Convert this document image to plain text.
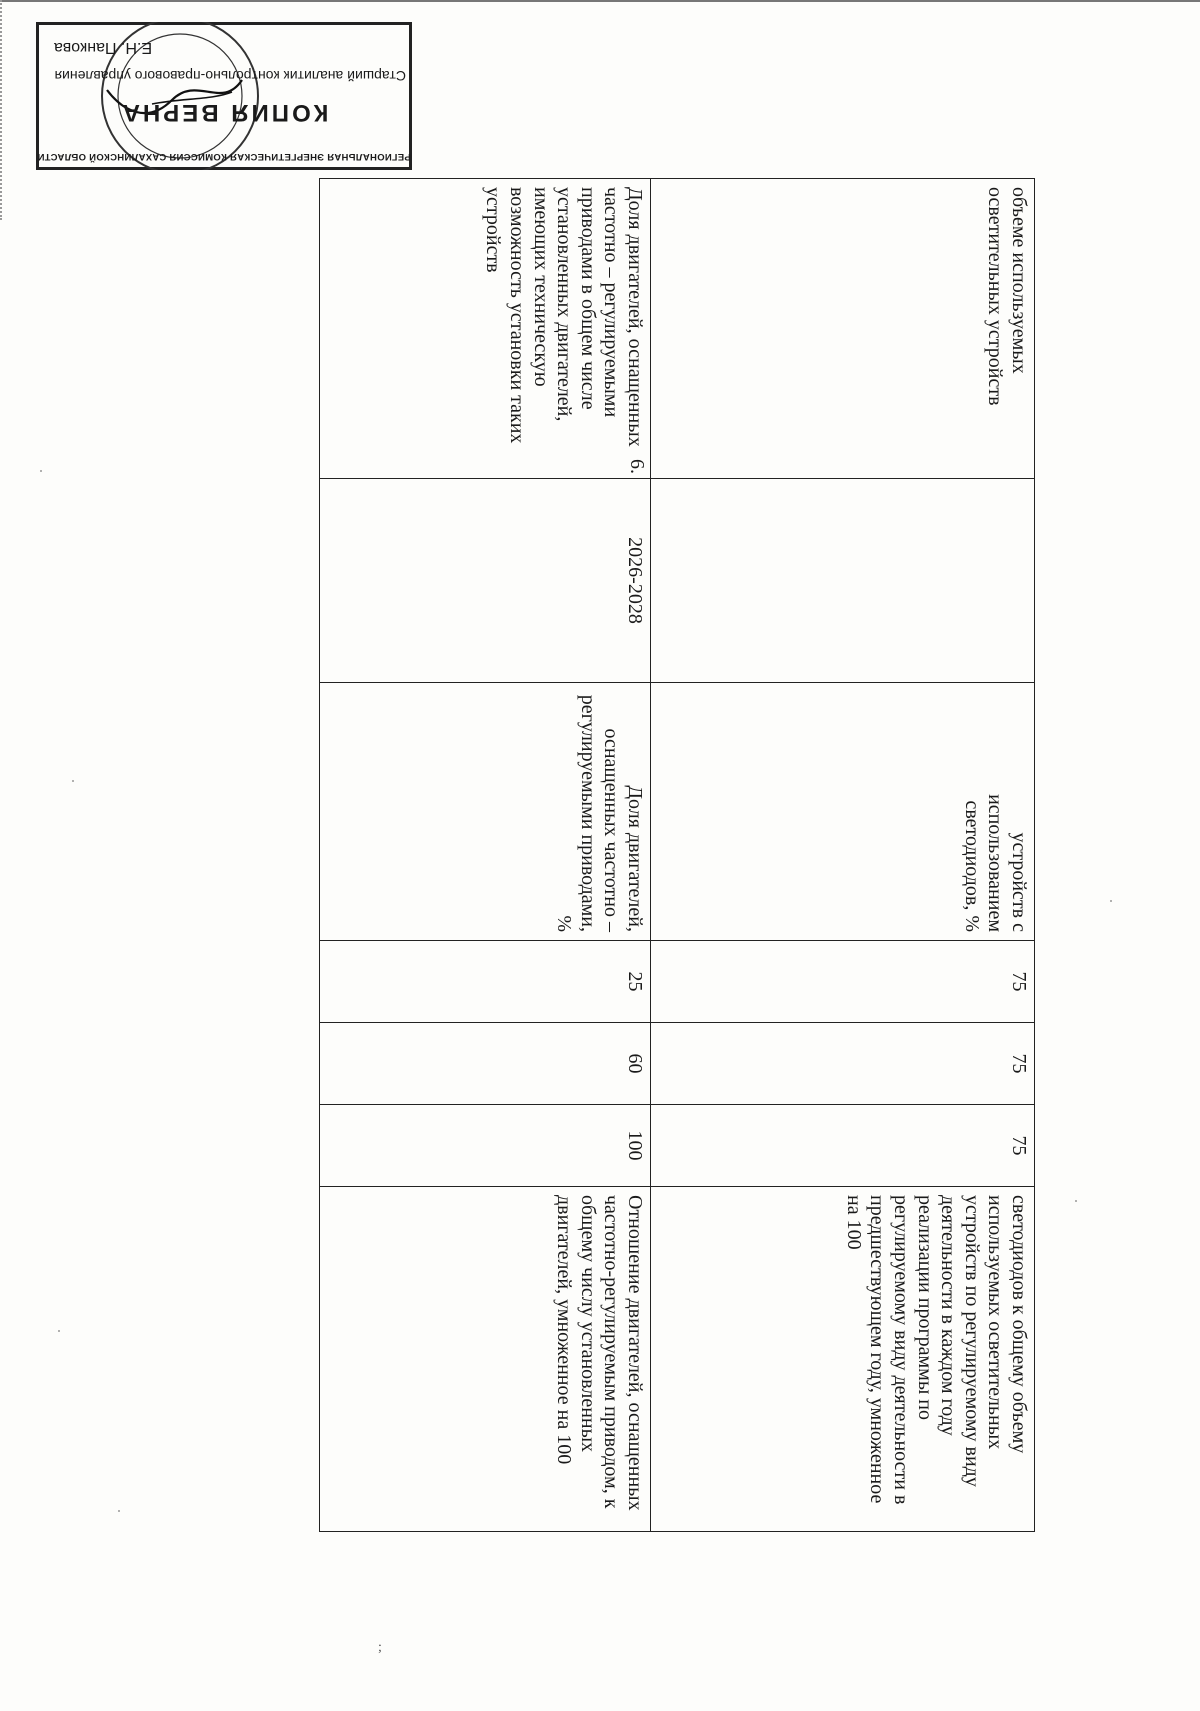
РЕГИОНАЛЬНАЯ ЭНЕРГЕТИЧЕСКАЯ КОМИССИЯ САХАЛИНСКОЙ ОБЛАСТИ
КОПИЯ ВЕРНА
Старший аналитик контрольно-правового управления
Е.Н. Панкова
объеме используемых осветительных устройств		устройств с использованием светодиодов, %	75	75	75	светодиодов к общему объему используемых осветительных устройств по регулируемому виду деятельности в каждом году реализации программы по регулируемому виду деятельности в предшествующем году, умноженное на 100

6.
Доля двигателей, оснащенных частотно – регулируемыми приводами в общем числе установленных двигателей, имеющих техническую возможность установки таких устройств	2026-2028	Доля двигателей, оснащенных частотно – регулируемыми приводами, %	25	60	100	Отношение двигателей, оснащенных частотно-регулируемым приводом, к общему числу установленных двигателей, умноженное на 100
;
